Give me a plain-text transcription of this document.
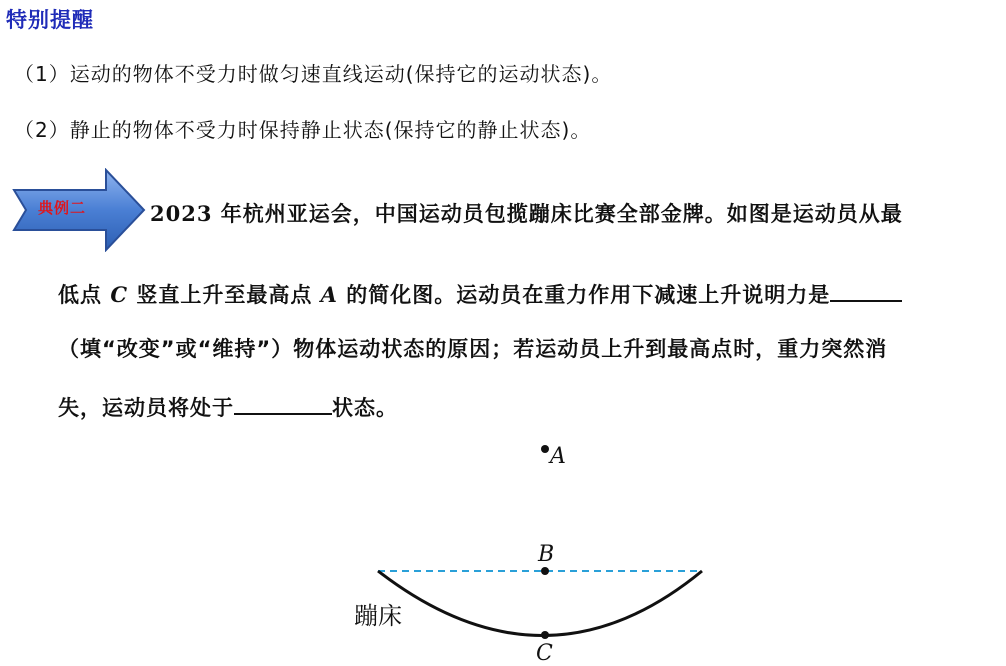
特别提醒
（1）运动的物体不受力时做匀速直线运动(保持它的运动状态)。
（2）静止的物体不受力时保持静止状态(保持它的静止状态)。
典例二	2023 年杭州亚运会，中国运动员包揽蹦床比赛全部金牌。如图是运动员从最
低点 C 竖直上升至最高点 A 的简化图。运动员在重力作用下减速上升说明力是
（填“改变”或“维持”）物体运动状态的原因；若运动员上升到最高点时，重力突然消
失，运动员将处于	状态。
A
B
C
蹦床
